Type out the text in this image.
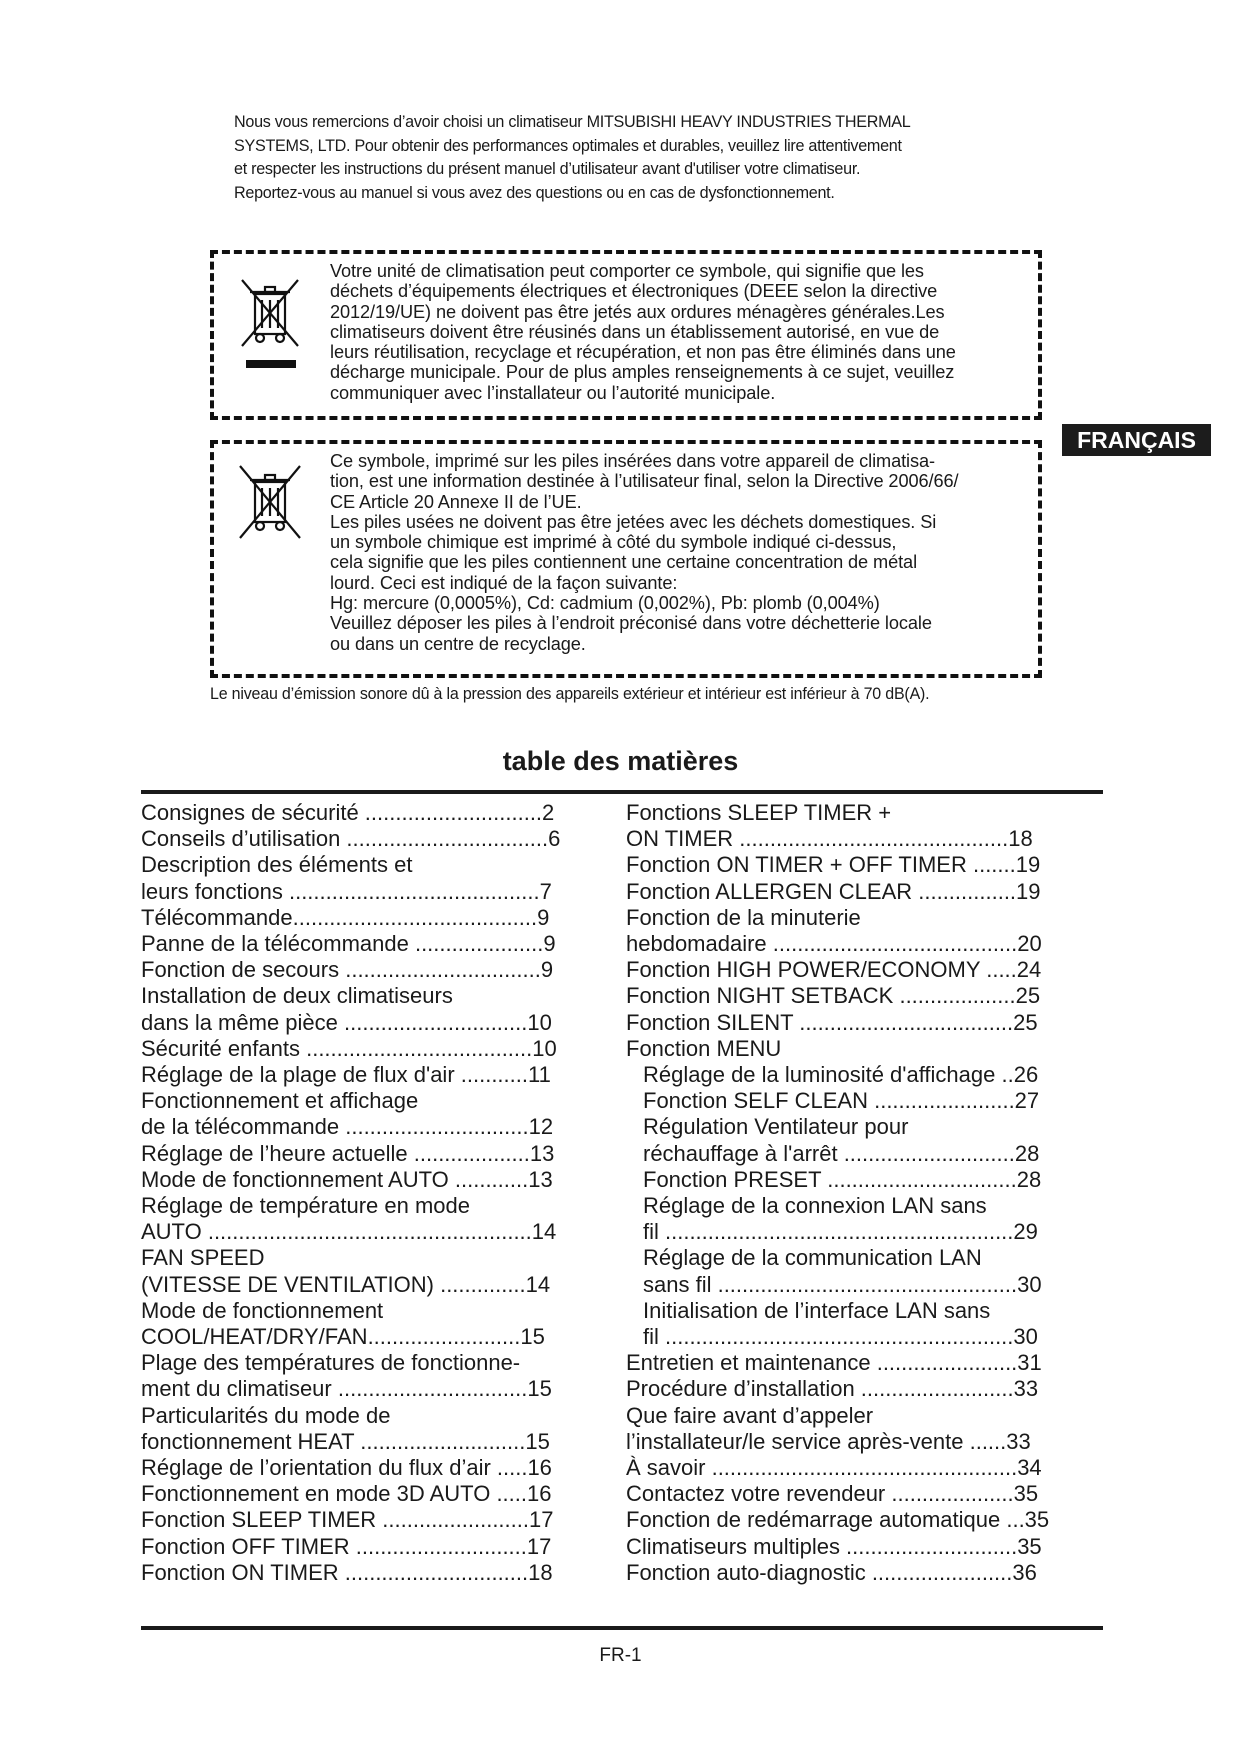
Nous vous remercions d’avoir choisi un climatiseur MITSUBISHI HEAVY INDUSTRIES THERMAL

SYSTEMS, LTD. Pour obtenir des performances optimales et durables, veuillez lire attentivement

et respecter les instructions du présent manuel d’utilisateur avant d'utiliser votre climatiseur.

Reportez-vous au manuel si vous avez des questions ou en cas de dysfonctionnement.

Votre unité de climatisation peut comporter ce symbole, qui signifie que les

déchets d’équipements électriques et électroniques (DEEE selon la directive

2012/19/UE) ne doivent pas être jetés aux ordures ménagères générales.Les

climatiseurs doivent être réusinés dans un établissement autorisé, en vue de

leurs réutilisation, recyclage et récupération, et non pas être éliminés dans une

décharge municipale. Pour de plus amples renseignements à ce sujet, veuillez

communiquer avec l’installateur ou l’autorité municipale.

FRANÇAIS

Ce symbole, imprimé sur les piles insérées dans votre appareil de climatisa-

tion, est une information destinée à l’utilisateur final, selon la Directive 2006/66/

CE Article 20 Annexe II de l’UE.

Les piles usées ne doivent pas être jetées avec les déchets domestiques. Si

un symbole chimique est imprimé à côté du symbole indiqué ci-dessus,

cela signifie que les piles contiennent une certaine concentration de métal

lourd. Ceci est indiqué de la façon suivante:

Hg: mercure (0,0005%), Cd: cadmium (0,002%), Pb: plomb (0,004%)

Veuillez déposer les piles à l’endroit préconisé dans votre déchetterie locale

ou dans un centre de recyclage.

Le niveau d’émission sonore dû à la pression des appareils extérieur et intérieur est inférieur à 70 dB(A).
table des matières
Consignes de sécurité .............................2
Conseils d’utilisation .................................6
Description des éléments et
leurs fonctions .........................................7
Télécommande........................................9
Panne de la télécommande .....................9
Fonction de secours ................................9
Installation de deux climatiseurs
dans la même pièce ..............................10
Sécurité enfants .....................................10
Réglage de la plage de flux d'air ...........11
Fonctionnement et affichage
de la télécommande ..............................12
Réglage de l’heure actuelle ...................13
Mode de fonctionnement AUTO ............13
Réglage de température en mode
AUTO .....................................................14
FAN SPEED
(VITESSE DE VENTILATION) ..............14
Mode de fonctionnement
COOL/HEAT/DRY/FAN.........................15
Plage des températures de fonctionne-
ment du climatiseur ...............................15
Particularités du mode de
fonctionnement HEAT ...........................15
Réglage de l’orientation du flux d’air .....16
Fonctionnement en mode 3D AUTO .....16
Fonction SLEEP TIMER ........................17
Fonction OFF TIMER ............................17
Fonction ON TIMER ..............................18
Fonctions SLEEP TIMER +
ON TIMER ............................................18
Fonction ON TIMER + OFF TIMER .......19
Fonction ALLERGEN CLEAR ................19
Fonction de la minuterie
hebdomadaire ........................................20
Fonction HIGH POWER/ECONOMY .....24
Fonction NIGHT SETBACK ...................25
Fonction SILENT ...................................25
Fonction MENU
Réglage de la luminosité d'affichage ..26
Fonction SELF CLEAN .......................27
Régulation Ventilateur pour
réchauffage à l'arrêt ............................28
Fonction PRESET ...............................28
Réglage de la connexion LAN sans
fil .........................................................29
Réglage de la communication LAN
sans fil .................................................30
Initialisation de l’interface LAN sans
fil .........................................................30
Entretien et maintenance .......................31
Procédure d’installation .........................33
Que faire avant d’appeler
l’installateur/le service après-vente ......33
À savoir ..................................................34
Contactez votre revendeur ....................35
Fonction de redémarrage automatique ...35
Climatiseurs multiples ............................35
Fonction auto-diagnostic .......................36
FR-1
